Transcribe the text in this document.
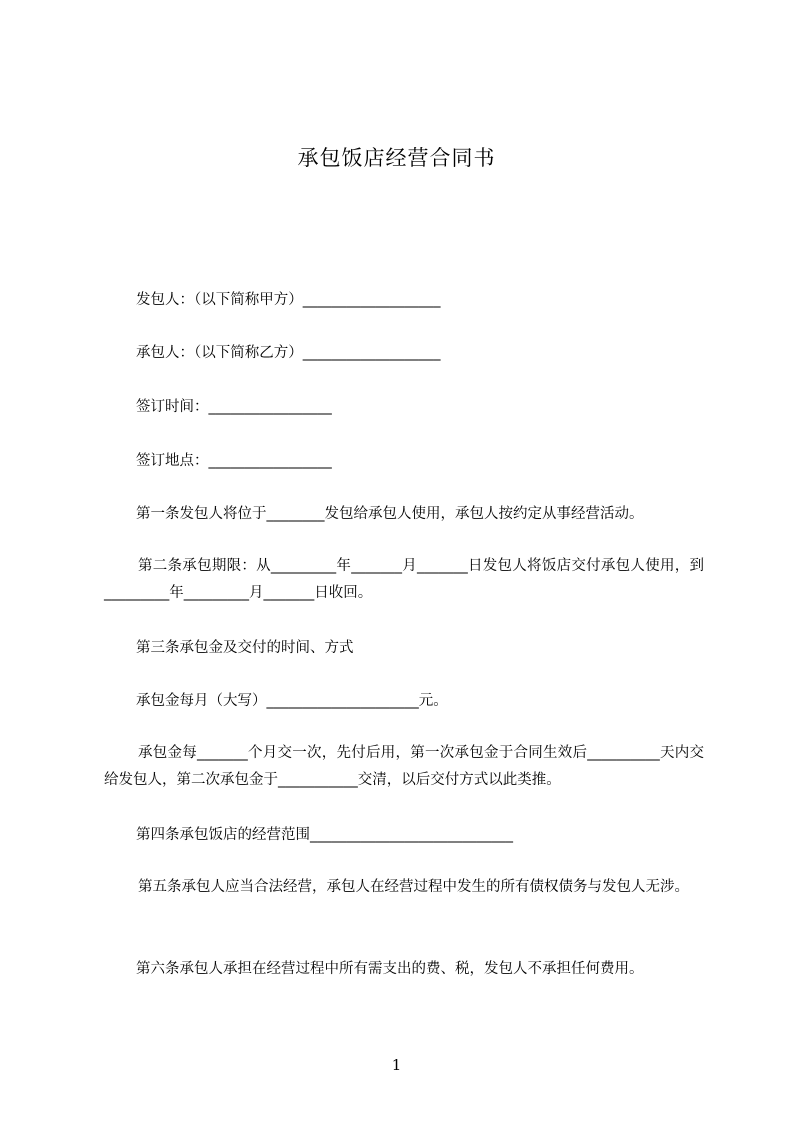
承包饭店经营合同书

发包人：（以下简称甲方）___________________

承包人：（以下简称乙方）___________________

签订时间：_________________

签订地点：_________________

第一条发包人将位于________发包给承包人使用，承包人按约定从事经营活动。

第二条承包期限：从_________年_______月_______日发包人将饭店交付承包人使用，到_________年_________月_______日收回。

第三条承包金及交付的时间、方式

承包金每月（大写）_____________________元。

承包金每_______个月交一次，先付后用，第一次承包金于合同生效后__________天内交给发包人，第二次承包金于___________交清，以后交付方式以此类推。

第四条承包饭店的经营范围____________________________

第五条承包人应当合法经营，承包人在经营过程中发生的所有债权债务与发包人无涉。

第六条承包人承担在经营过程中所有需支出的费、税，发包人不承担任何费用。

1
